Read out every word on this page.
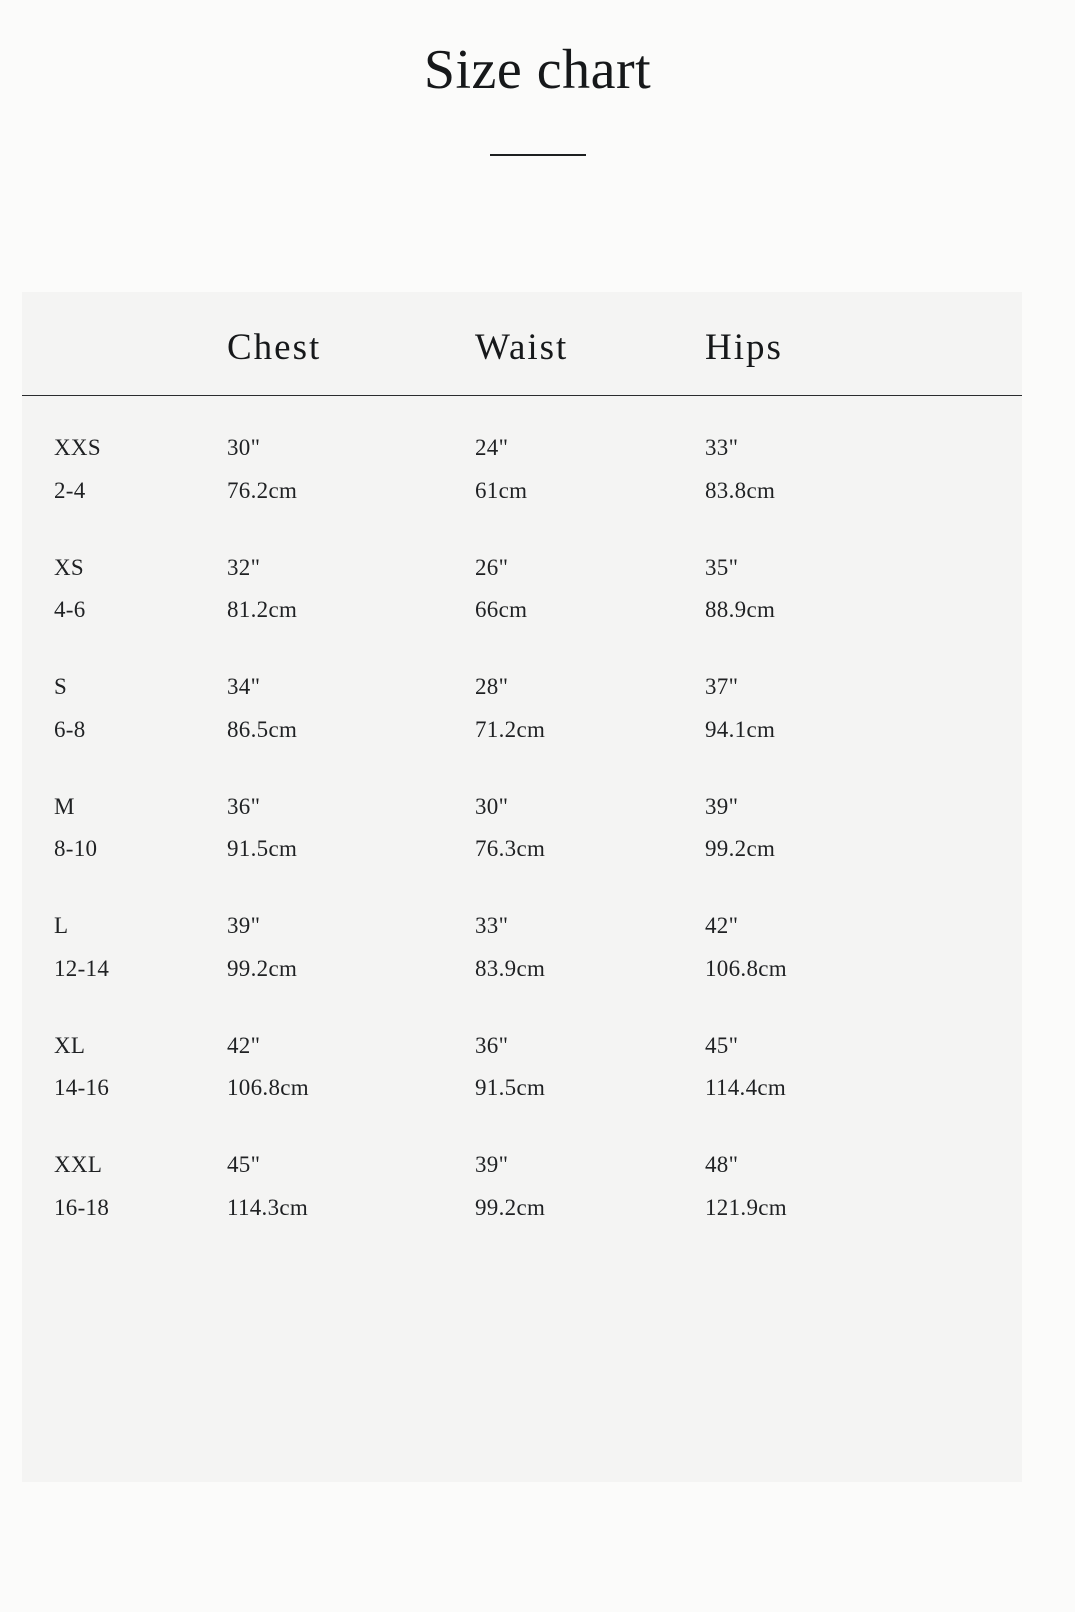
Size chart
	Chest	Waist	Hips

XXS	30"	24"	33"

2-4	76.2cm	61cm	83.8cm

XS	32"	26"	35"

4-6	81.2cm	66cm	88.9cm

S	34"	28"	37"

6-8	86.5cm	71.2cm	94.1cm

M	36"	30"	39"

8-10	91.5cm	76.3cm	99.2cm

L	39"	33"	42"

12-14	99.2cm	83.9cm	106.8cm

XL	42"	36"	45"

14-16	106.8cm	91.5cm	114.4cm

XXL	45"	39"	48"

16-18	114.3cm	99.2cm	121.9cm
